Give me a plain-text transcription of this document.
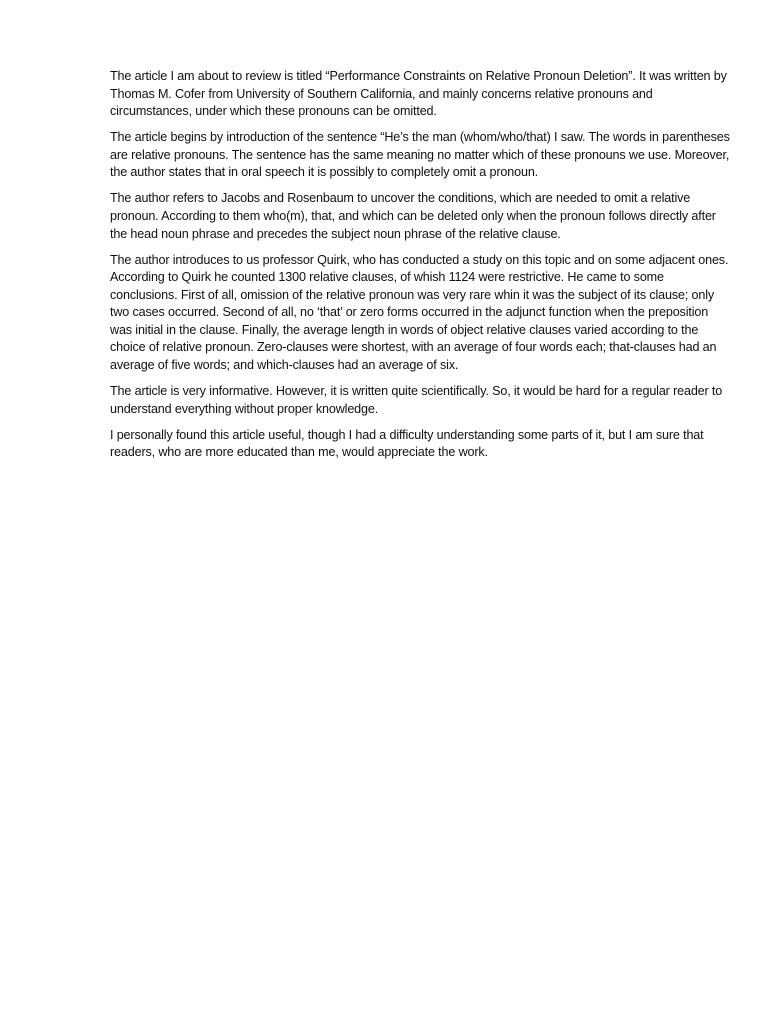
The article I am about to review is titled “Performance Constraints on Relative Pronoun Deletion”. It was written by Thomas M. Cofer from University of Southern California, and mainly concerns relative pronouns and circumstances, under which these pronouns can be omitted.

The article begins by introduction of the sentence “He’s the man (whom/who/that) I saw. The words in parentheses are relative pronouns. The sentence has the same meaning no matter which of these pronouns we use. Moreover, the author states that in oral speech it is possibly to completely omit a pronoun.

The author refers to Jacobs and Rosenbaum to uncover the conditions, which are needed to omit a relative pronoun. According to them who(m), that, and which can be deleted only when the pronoun follows directly after the head noun phrase and precedes the subject noun phrase of the relative clause.

The author introduces to us professor Quirk, who has conducted a study on this topic and on some adjacent ones. According to Quirk he counted 1300 relative clauses, of whish 1124 were restrictive. He came to some conclusions. First of all, omission of the relative pronoun was very rare whin it was the subject of its clause; only two cases occurred. Second of all, no ‘that’ or zero forms occurred in the adjunct function when the preposition was initial in the clause. Finally, the average length in words of object relative clauses varied according to the choice of relative pronoun. Zero-clauses were shortest, with an average of four words each; that-clauses had an average of five words; and which-clauses had an average of six.

The article is very informative. However, it is written quite scientifically. So, it would be hard for a regular reader to understand everything without proper knowledge.

I personally found this article useful, though I had a difficulty understanding some parts of it, but I am sure that readers, who are more educated than me, would appreciate the work.
